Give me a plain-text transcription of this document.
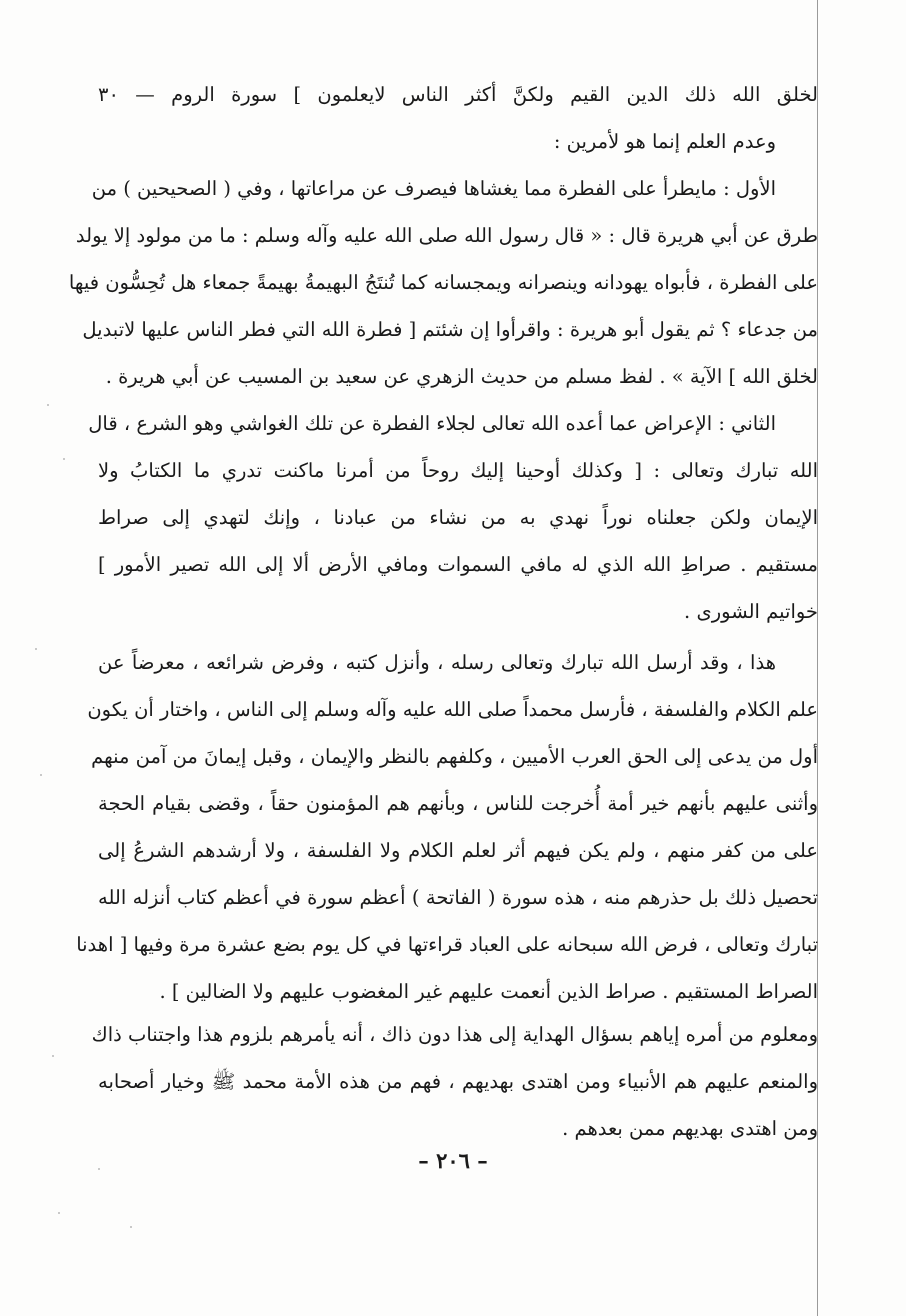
لخلق الله ذلك الدين القيم ولكنَّ أكثر الناس لايعلمون ] سورة الروم — ٣٠
وعدم العلم إنما هو لأمرين :
الأول : مايطرأ على الفطرة مما يغشاها فيصرف عن مراعاتها ، وفي ( الصحيحين ) من
طرق عن أبي هريرة قال : « قال رسول الله صلى الله عليه وآله وسلم : ما من مولود إلا يولد
على الفطرة ، فأبواه يهودانه وينصرانه ويمجسانه كما تُنتَجُ البهيمةُ بهيمةً جمعاء هل تُحِسُّون فيها
من جدعاء ؟ ثم يقول أبو هريرة : واقرأوا إن شئتم [ فطرة الله التي فطر الناس عليها لاتبديل
لخلق الله ] الآية » . لفظ مسلم من حديث الزهري عن سعيد بن المسيب عن أبي هريرة .
الثاني : الإعراض عما أعده الله تعالى لجلاء الفطرة عن تلك الغواشي وهو الشرع ، قال
الله تبارك وتعالى : [ وكذلك أوحينا إليك روحاً من أمرنا ماكنت تدري ما الكتابُ ولا
الإيمان ولكن جعلناه نوراً نهدي به من نشاء من عبادنا ، وإنك لتهدي إلى صراط
مستقيم . صراطِ الله الذي له مافي السموات ومافي الأرض ألا إلى الله تصير الأمور ]
خواتيم الشورى .
هذا ، وقد أرسل الله تبارك وتعالى رسله ، وأنزل كتبه ، وفرض شرائعه ، معرضاً عن
علم الكلام والفلسفة ، فأرسل محمداً صلى الله عليه وآله وسلم إلى الناس ، واختار أن يكون
أول من يدعى إلى الحق العرب الأميين ، وكلفهم بالنظر والإيمان ، وقبل إيمانَ من آمن منهم
وأثنى عليهم بأنهم خير أمة أُخرجت للناس ، وبأنهم هم المؤمنون حقاً ، وقضى بقيام الحجة
على من كفر منهم ، ولم يكن فيهم أثر لعلم الكلام ولا الفلسفة ، ولا أرشدهم الشرعُ إلى
تحصيل ذلك بل حذرهم منه ، هذه سورة ( الفاتحة ) أعظم سورة في أعظم كتاب أنزله الله
تبارك وتعالى ، فرض الله سبحانه على العباد قراءتها في كل يوم بضع عشرة مرة وفيها [ اهدنا
الصراط المستقيم . صراط الذين أنعمت عليهم غير المغضوب عليهم ولا الضالين ] .
ومعلوم من أمره إياهم بسؤال الهداية إلى هذا دون ذاك ، أنه يأمرهم بلزوم هذا واجتناب ذاك
والمنعم عليهم هم الأنبياء ومن اهتدى بهديهم ، فهم من هذه الأمة محمد ﷺ وخيار أصحابه
ومن اهتدى بهديهم ممن بعدهم .
– ٢٠٦ –
